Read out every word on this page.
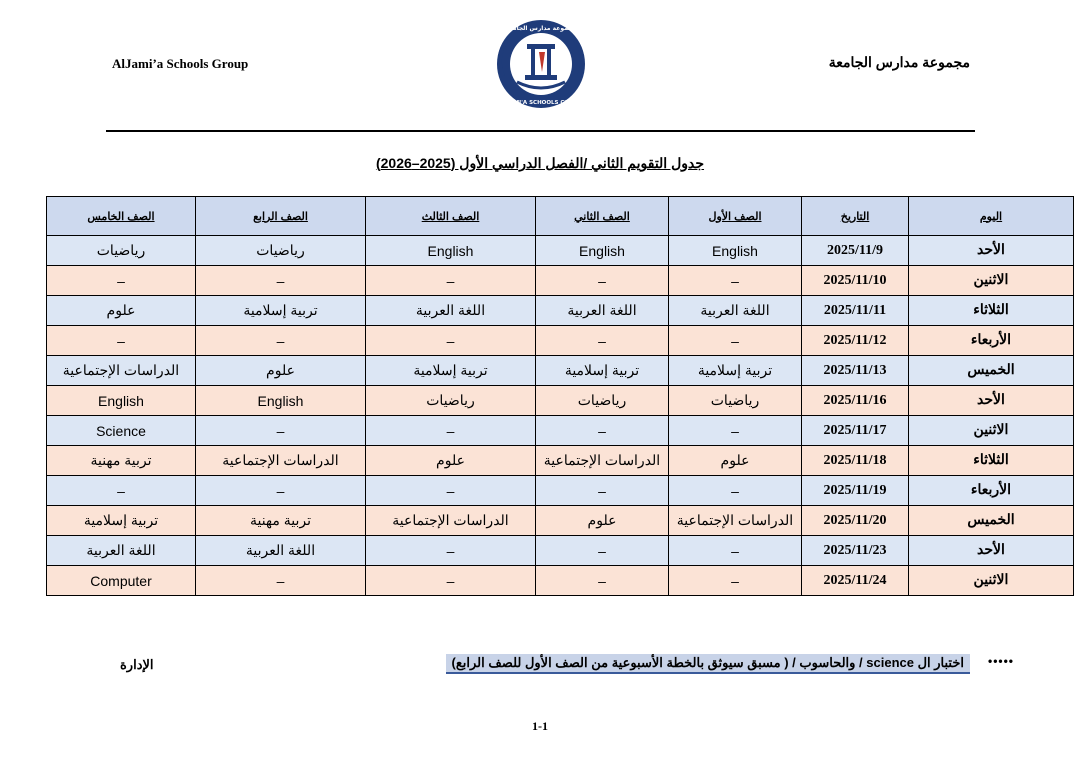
AlJami’a Schools Group
مجموعة مدارس الجامعة
ALJAMI'A SCHOOLS GROUP
مجموعة مدارس الجامعة
جدول التقويم الثاني /الفصل الدراسي الأول (2025–2026)
اليوم	التاريخ	الصف الأول	الصف الثاني	الصف الثالث	الصف الرابع	الصف الخامس
الأحد	2025/11/9	English	English	English	رياضيات	رياضيات
الاثنين	2025/11/10	–	–	–	–	–
الثلاثاء	2025/11/11	اللغة العربية	اللغة العربية	اللغة العربية	تربية إسلامية	علوم
الأربعاء	2025/11/12	–	–	–	–	–
الخميس	2025/11/13	تربية إسلامية	تربية إسلامية	تربية إسلامية	علوم	الدراسات الإجتماعية
الأحد	2025/11/16	رياضيات	رياضيات	رياضيات	English	English
الاثنين	2025/11/17	–	–	–	–	Science
الثلاثاء	2025/11/18	علوم	الدراسات الإجتماعية	علوم	الدراسات الإجتماعية	تربية مهنية
الأربعاء	2025/11/19	–	–	–	–	–
الخميس	2025/11/20	الدراسات الإجتماعية	علوم	الدراسات الإجتماعية	تربية مهنية	تربية إسلامية
الأحد	2025/11/23	–	–	–	اللغة العربية	اللغة العربية
الاثنين	2025/11/24	–	–	–	–	Computer
•••••
اختبار ال science / والحاسوب / ( مسبق سيوثق بالخطة الأسبوعية من الصف الأول للصف الرابع)
الإدارة
1-1
